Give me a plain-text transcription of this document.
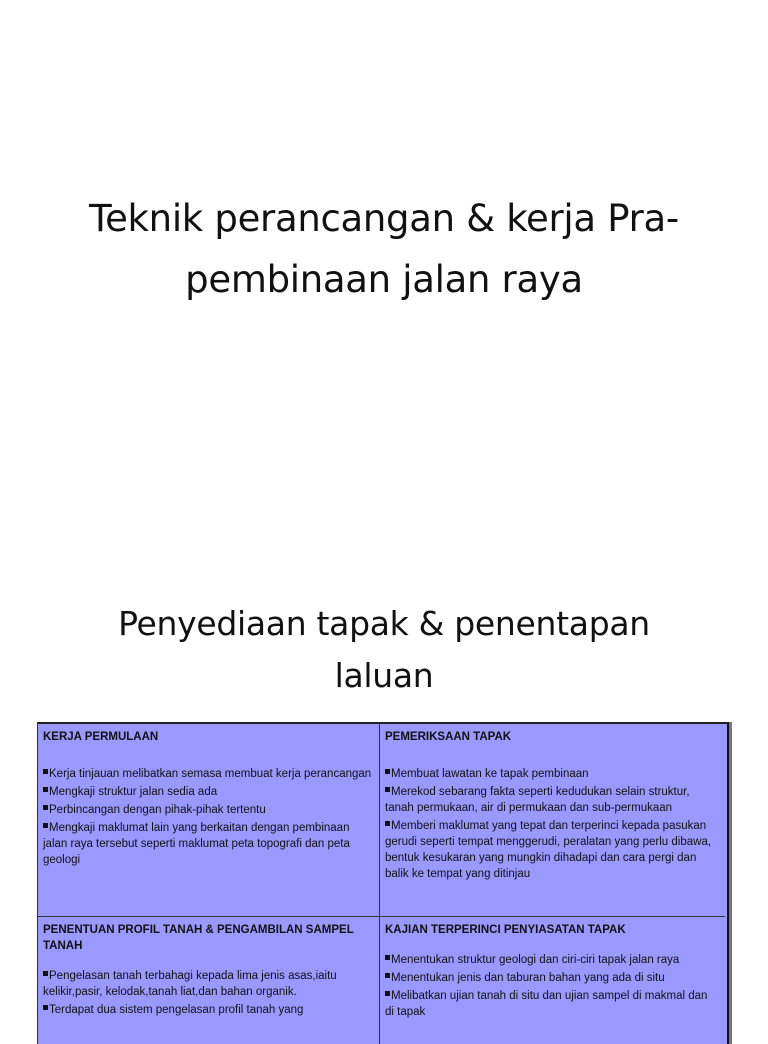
Teknik perancangan & kerja Pra-
pembinaan jalan raya
Penyediaan tapak & penentapan
laluan
KERJA PERMULAAN
Kerja tinjauan melibatkan semasa membuat kerja perancangan
Mengkaji struktur jalan sedia ada
Perbincangan dengan pihak-pihak tertentu
Mengkaji maklumat lain yang berkaitan dengan pembinaan jalan raya tersebut seperti maklumat peta topografi dan peta geologi
PEMERIKSAAN TAPAK
Membuat lawatan ke tapak pembinaan
Merekod sebarang fakta seperti kedudukan selain struktur, tanah permukaan, air di permukaan dan sub-permukaan
Memberi maklumat yang tepat dan terperinci kepada pasukan gerudi seperti tempat menggerudi, peralatan yang perlu dibawa, bentuk kesukaran yang mungkin dihadapi dan cara pergi dan balik ke tempat yang ditinjau
PENENTUAN PROFIL TANAH & PENGAMBILAN SAMPEL TANAH
Pengelasan tanah terbahagi kepada lima jenis asas,iaitu kelikir,pasir, kelodak,tanah liat,dan bahan organik.
Terdapat dua sistem pengelasan profil tanah yang
KAJIAN TERPERINCI PENYIASATAN TAPAK
Menentukan struktur geologi dan ciri-ciri tapak jalan raya
Menentukan jenis dan taburan bahan yang ada di situ
Melibatkan ujian tanah di situ dan ujian sampel di makmal dan di tapak
